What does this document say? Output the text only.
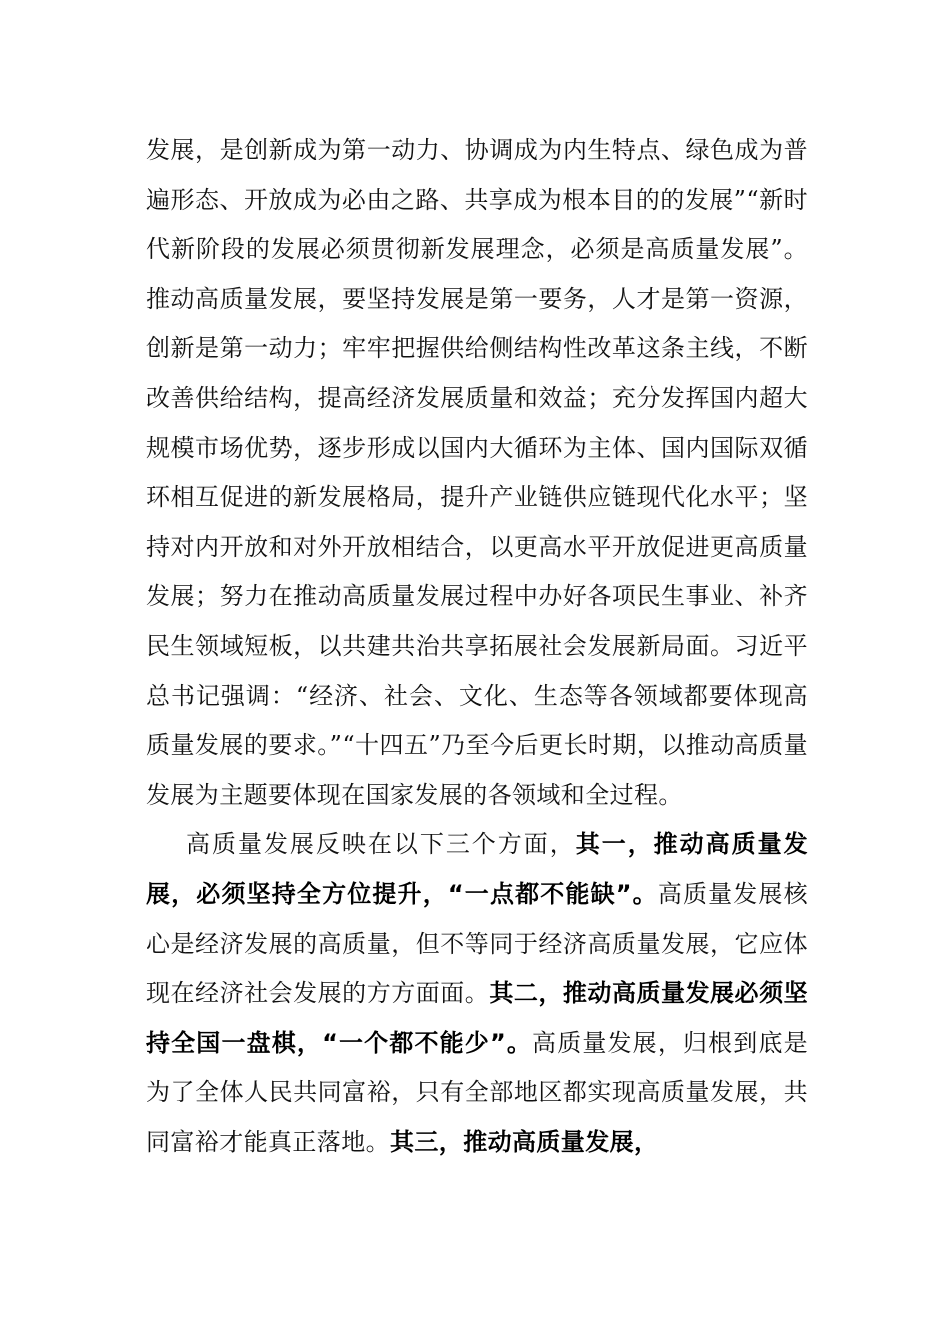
发展，是创新成为第一动力、协调成为内生特点、绿色成为普遍形态、开放成为必由之路、共享成为根本目的的发展”“新时代新阶段的发展必须贯彻新发展理念，必须是高质量发展”。推动高质量发展，要坚持发展是第一要务，人才是第一资源，创新是第一动力；牢牢把握供给侧结构性改革这条主线，不断改善供给结构，提高经济发展质量和效益；充分发挥国内超大规模市场优势，逐步形成以国内大循环为主体、国内国际双循环相互促进的新发展格局，提升产业链供应链现代化水平；坚持对内开放和对外开放相结合，以更高水平开放促进更高质量发展；努力在推动高质量发展过程中办好各项民生事业、补齐民生领域短板，以共建共治共享拓展社会发展新局面。习近平总书记强调：“经济、社会、文化、生态等各领域都要体现高质量发展的要求。”“十四五”乃至今后更长时期，以推动高质量发展为主题要体现在国家发展的各领域和全过程。

高质量发展反映在以下三个方面，其一，推动高质量发展，必须坚持全方位提升，“一点都不能缺”。高质量发展核心是经济发展的高质量，但不等同于经济高质量发展，它应体现在经济社会发展的方方面面。其二，推动高质量发展必须坚持全国一盘棋，“一个都不能少”。高质量发展，归根到底是为了全体人民共同富裕，只有全部地区都实现高质量发展，共同富裕才能真正落地。其三，推动高质量发展，
